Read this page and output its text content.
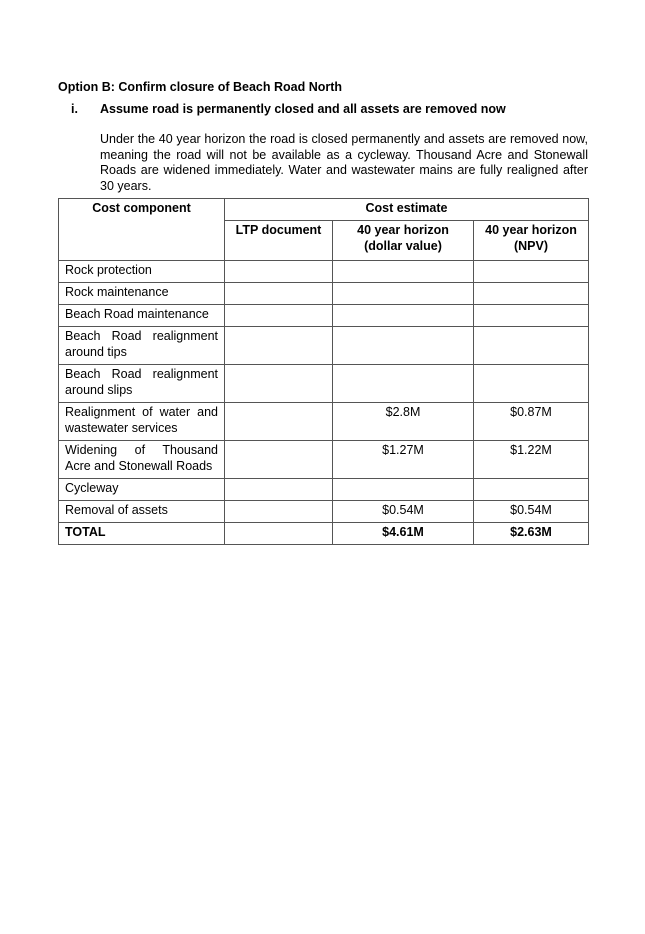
Option B: Confirm closure of Beach Road North
i. Assume road is permanently closed and all assets are removed now
Under the 40 year horizon the road is closed permanently and assets are removed now, meaning the road will not be available as a cycleway. Thousand Acre and Stonewall Roads are widened immediately. Water and wastewater mains are fully realigned after 30 years.
Cost component	Cost estimate		
	LTP document	40 year horizon (dollar value)	40 year horizon (NPV)
Rock protection			
Rock maintenance			
Beach Road maintenance			
Beach Road realignment around tips			
Beach Road realignment around slips			
Realignment of water and wastewater services		$2.8M	$0.87M
Widening of Thousand Acre and Stonewall Roads		$1.27M	$1.22M
Cycleway			
Removal of assets		$0.54M	$0.54M
TOTAL		$4.61M	$2.63M
